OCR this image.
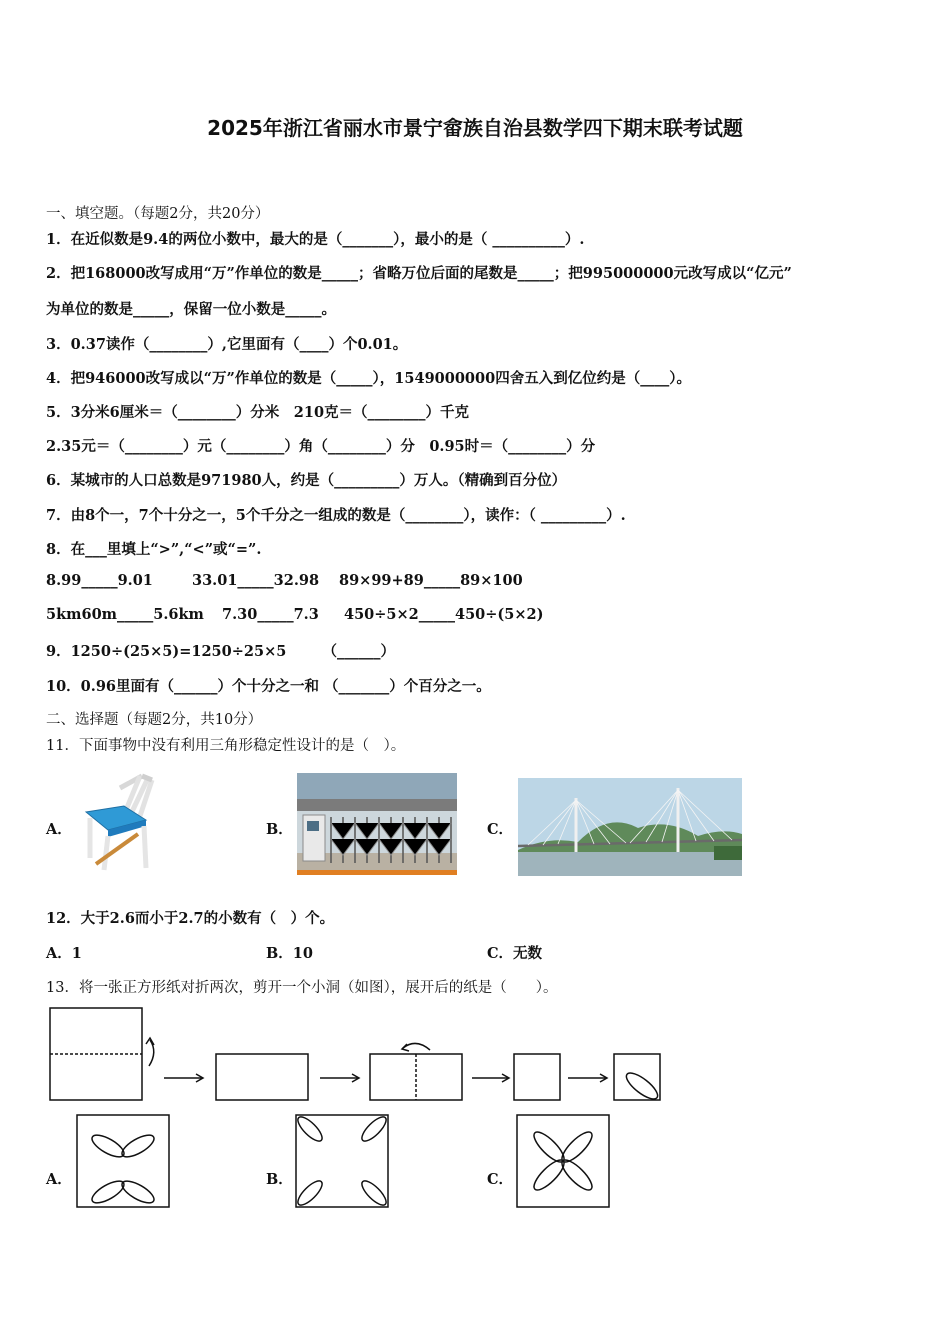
2025年浙江省丽水市景宁畲族自治县数学四下期末联考试题
一、填空题。（每题2分，共20分）
1．在近似数是9.4的两位小数中，最大的是（_______），最小的是（ __________）.
2．把168000改写成用“万”作单位的数是_____；省略万位后面的尾数是_____；把995000000元改写成以“亿元”
为单位的数是_____，保留一位小数是_____。
3．0.37读作（________）,它里面有（____）个0.01。
4．把946000改写成以“万”作单位的数是（_____），1549000000四舍五入到亿位约是（____）。
5．3分米6厘米＝（________）分米　210克＝（________）千克
2.35元＝（________）元（________）角（________）分　0.95时＝（________）分
6．某城市的人口总数是971980人，约是（_________）万人。（精确到百分位）
7．由8个一，7个十分之一，5个千分之一组成的数是（________），读作：（ _________）.
8．在___里填上“>”,“<”或“=”.
8.99_____9.01	33.01_____32.98 89×99+89_____89×100
5km60m_____5.6km 7.30_____7.3 450÷5×2_____450÷(5×2)
9．1250÷(25×5)=1250÷25×5　　　（______）
10．0.96里面有（______）个十分之一和 （_______）个百分之一。
二、选择题（每题2分，共10分）
11．下面事物中没有利用三角形稳定性设计的是（　）。
A．	B．	C．
12．大于2.6而小于2.7的小数有（　）个。
A．1	B．10	C．无数
13．将一张正方形纸对折两次，剪开一个小洞（如图），展开后的纸是（　　）。
A．	B．	C．
